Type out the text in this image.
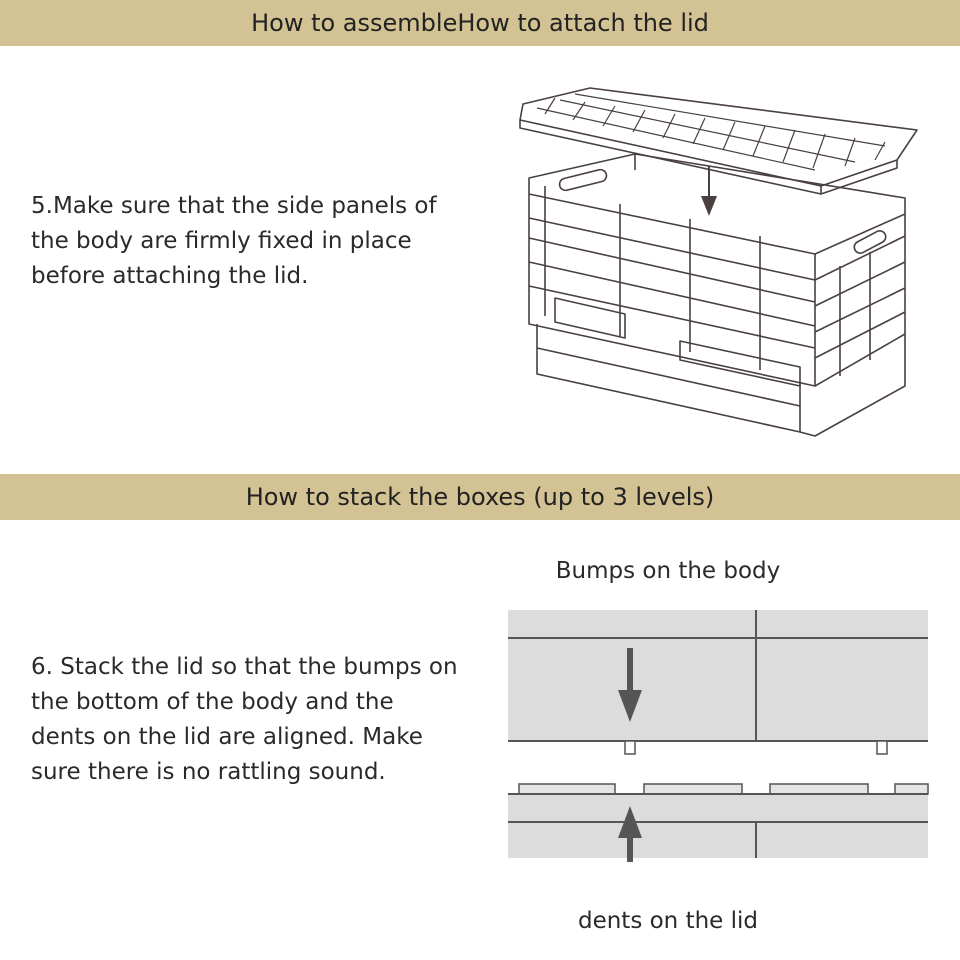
How to assembleHow to attach the lid

5.Make sure that the side panels of
the body are firmly fixed in place
before attaching the lid.

How to stack the boxes (up to 3 levels)

6. Stack the lid so that the bumps on
the bottom of the body and the
dents on the lid are aligned. Make
sure there is no rattling sound.

Bumps on the body
dents on the lid
